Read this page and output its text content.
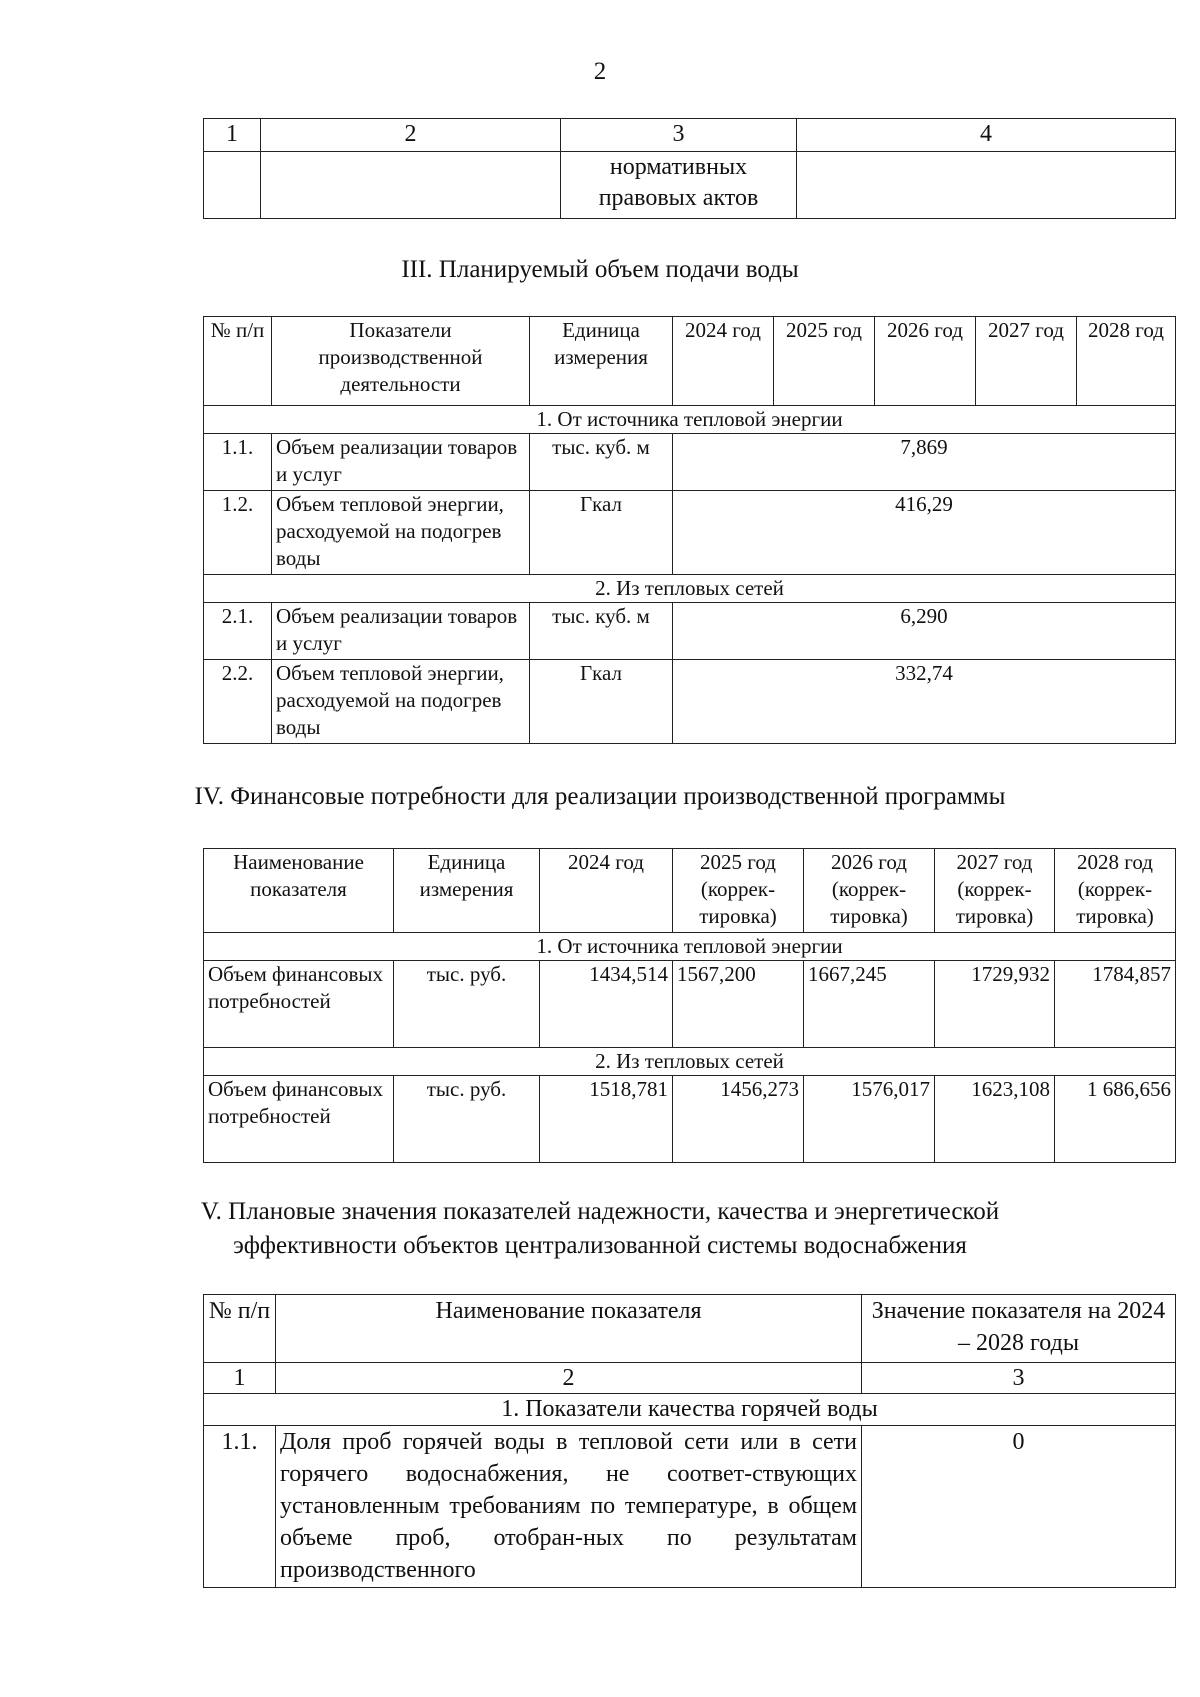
2
1	2	3	4
		нормативных правовых актов	
III. Планируемый объем подачи воды
№ п/п	Показатели производственной деятельности	Единица измерения	2024 год	2025 год	2026 год	2027 год	2028 год
1. От источника тепловой энергии							
1.1.	Объем реализации товаров и услуг	тыс. куб. м	7,869				
1.2.	Объем тепловой энергии, расходуемой на подогрев воды	Гкал	416,29				
2. Из тепловых сетей							
2.1.	Объем реализации товаров и услуг	тыс. куб. м	6,290				
2.2.	Объем тепловой энергии, расходуемой на подогрев воды	Гкал	332,74				
IV. Финансовые потребности для реализации производственной программы
Наименование показателя	Единица измерения	2024 год	2025 год (коррек-тировка)	2026 год (коррек-тировка)	2027 год (коррек-тировка)	2028 год (коррек-тировка)
1. От источника тепловой энергии						
Объем финансовых потребностей	тыс. руб.	1434,514	1567,200	1667,245	1729,932	1784,857
2. Из тепловых сетей						
Объем финансовых потребностей	тыс. руб.	1518,781	1456,273	1576,017	1623,108	1 686,656
V. Плановые значения показателей надежности, качества и энергетической
эффективности объектов централизованной системы водоснабжения
№ п/п	Наименование показателя	Значение показателя на 2024 – 2028 годы
1	2	3
1. Показатели качества горячей воды		
1.1.	Доля проб горячей воды в тепловой сети или в сети горячего водоснабжения, не соответ-ствующих установленным требованиям по температуре, в общем объеме проб, отобран-ных по результатам производственного	0
